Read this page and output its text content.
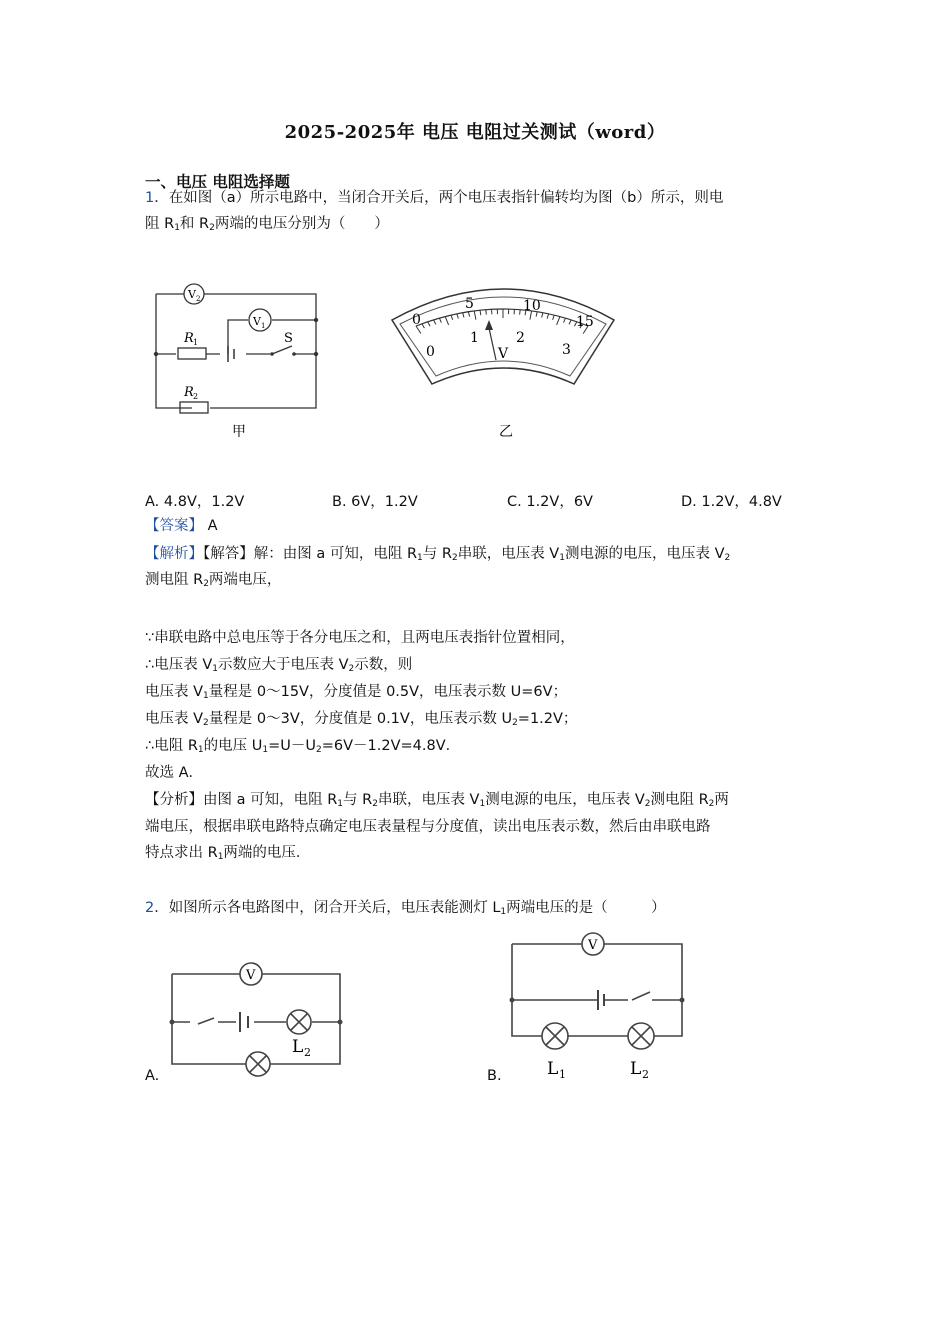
2025-2025年 电压 电阻过关测试（word）
一、电压 电阻选择题
1．在如图（a）所示电路中，当闭合开关后，两个电压表指针偏转均为图（b）所示，则电
阻 $R_1$和 $R_2$两端的电压分别为（　　）
V 2
V 1
R 1
R 2
S
甲
0
5	10
15
0
1	2
3
V
乙
A. 4.8V，1.2V	B. 6V，1.2V	C. 1.2V，6V	D. 1.2V，4.8V
【答案】 A
【解析】【解答】解：由图 a 可知，电阻 $R_1$与 $R_2$串联，电压表 $V_1$测电源的电压，电压表 $V_2$
测电阻 $R_2$两端电压，
∵串联电路中总电压等于各分电压之和，且两电压表指针位置相同，
∴电压表 $V_1$示数应大于电压表 $V_2$示数，则
电压表 $V_1$量程是 0～15V，分度值是 0.5V，电压表示数 U=6V；
电压表 $V_2$量程是 0～3V，分度值是 0.1V，电压表示数 $U_2=1.2V$；
∴电阻 $R_1$的电压 $U_1=U-U_2=6V-1.2V=4.8V$．
故选 A．
【分析】由图 a 可知，电阻 $R_1$与 $R_2$串联，电压表 $V_1$测电源的电压，电压表 $V_2$测电阻 $R_2$两
端电压，根据串联电路特点确定电压表量程与分度值，读出电压表示数，然后由串联电路
特点求出 $R_1$两端的电压．
2．如图所示各电路图中，闭合开关后，电压表能测灯 $L_1$两端电压的是（　　　）
A.
V
L 2
B.
V
L 1	L 2
